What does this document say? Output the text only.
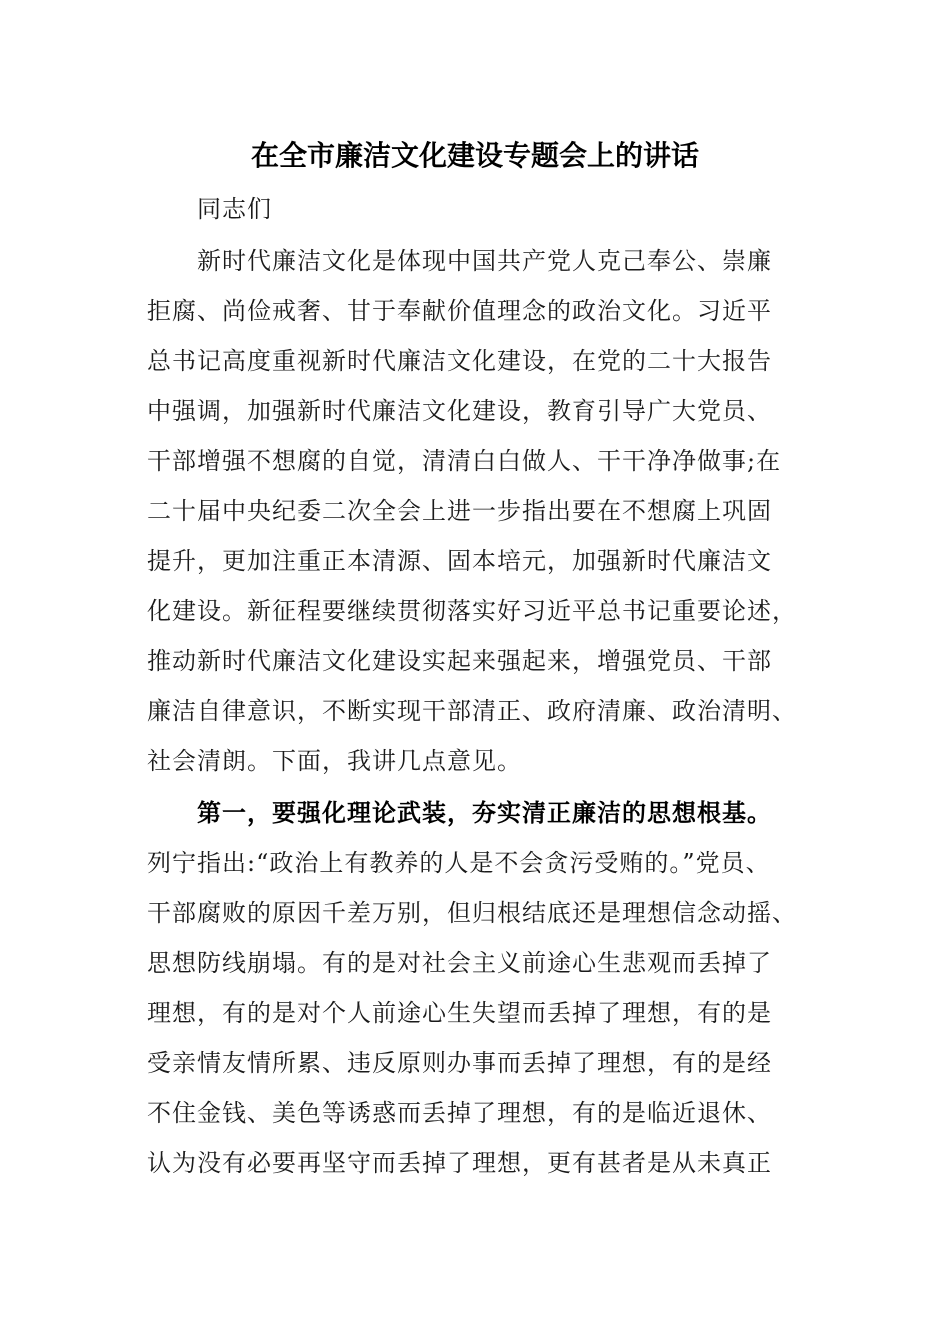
在全市廉洁文化建设专题会上的讲话
同志们
新时代廉洁文化是体现中国共产党人克己奉公、崇廉
拒腐、尚俭戒奢、甘于奉献价值理念的政治文化。习近平
总书记高度重视新时代廉洁文化建设，在党的二十大报告
中强调，加强新时代廉洁文化建设，教育引导广大党员、
干部增强不想腐的自觉，清清白白做人、干干净净做事;在
二十届中央纪委二次全会上进一步指出要在不想腐上巩固
提升，更加注重正本清源、固本培元，加强新时代廉洁文
化建设。新征程要继续贯彻落实好习近平总书记重要论述，
推动新时代廉洁文化建设实起来强起来，增强党员、干部
廉洁自律意识，不断实现干部清正、政府清廉、政治清明、
社会清朗。下面，我讲几点意见。
第一，要强化理论武装，夯实清正廉洁的思想根基。
列宁指出:“政治上有教养的人是不会贪污受贿的。”党员、
干部腐败的原因千差万别，但归根结底还是理想信念动摇、
思想防线崩塌。有的是对社会主义前途心生悲观而丢掉了
理想，有的是对个人前途心生失望而丢掉了理想，有的是
受亲情友情所累、违反原则办事而丢掉了理想，有的是经
不住金钱、美色等诱惑而丢掉了理想，有的是临近退休、
认为没有必要再坚守而丢掉了理想，更有甚者是从未真正
